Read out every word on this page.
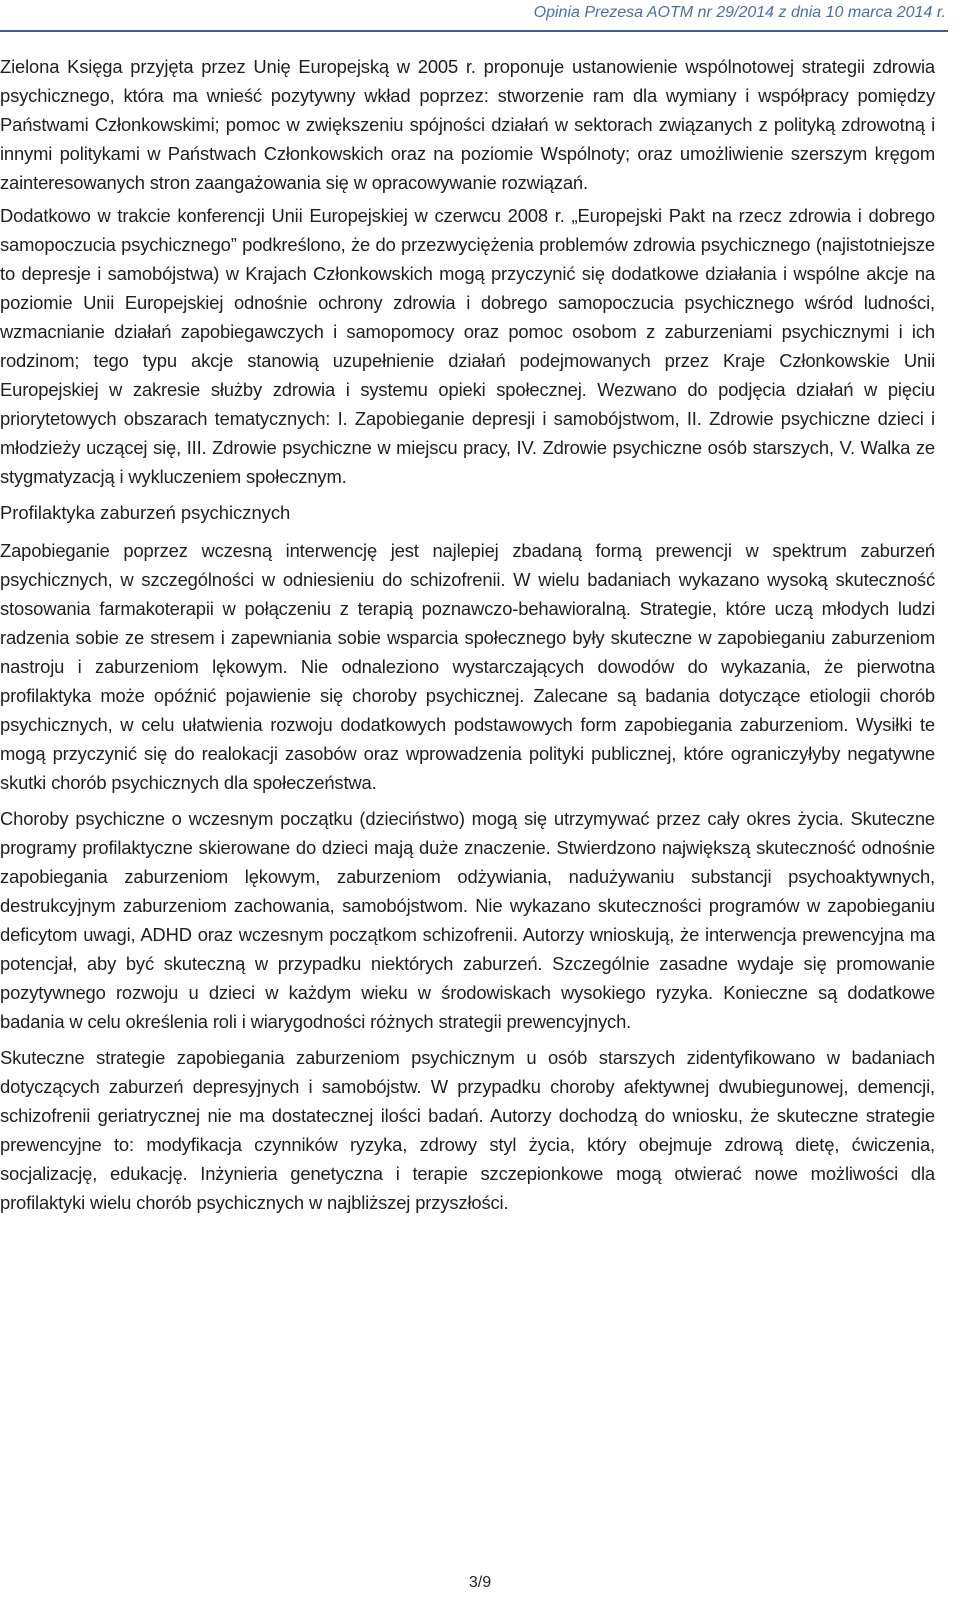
Opinia Prezesa AOTM nr 29/2014 z dnia 10 marca 2014 r.

Zielona Księga przyjęta przez Unię Europejską w 2005 r. proponuje ustanowienie wspólnotowej strategii zdrowia psychicznego, która ma wnieść pozytywny wkład poprzez: stworzenie ram dla wymiany i współpracy pomiędzy Państwami Członkowskimi; pomoc w zwiększeniu spójności działań w sektorach związanych z polityką zdrowotną i innymi politykami w Państwach Członkowskich oraz na poziomie Wspólnoty; oraz umożliwienie szerszym kręgom zainteresowanych stron zaangażowania się w opracowywanie rozwiązań.

Dodatkowo w trakcie konferencji Unii Europejskiej w czerwcu 2008 r. „Europejski Pakt na rzecz zdrowia i dobrego samopoczucia psychicznego” podkreślono, że do przezwyciężenia problemów zdrowia psychicznego (najistotniejsze to depresje i samobójstwa) w Krajach Członkowskich mogą przyczynić się dodatkowe działania i wspólne akcje na poziomie Unii Europejskiej odnośnie ochrony zdrowia i dobrego samopoczucia psychicznego wśród ludności, wzmacnianie działań zapobiegawczych i samopomocy oraz pomoc osobom z zaburzeniami psychicznymi i ich rodzinom; tego typu akcje stanowią uzupełnienie działań podejmowanych przez Kraje Członkowskie Unii Europejskiej w zakresie służby zdrowia i systemu opieki społecznej. Wezwano do podjęcia działań w pięciu priorytetowych obszarach tematycznych: I. Zapobieganie depresji i samobójstwom, II. Zdrowie psychiczne dzieci i młodzieży uczącej się, III. Zdrowie psychiczne w miejscu pracy, IV. Zdrowie psychiczne osób starszych, V. Walka ze stygmatyzacją i wykluczeniem społecznym.

Profilaktyka zaburzeń psychicznych

Zapobieganie poprzez wczesną interwencję jest najlepiej zbadaną formą prewencji w spektrum zaburzeń psychicznych, w szczególności w odniesieniu do schizofrenii. W wielu badaniach wykazano wysoką skuteczność stosowania farmakoterapii w połączeniu z terapią poznawczo-behawioralną. Strategie, które uczą młodych ludzi radzenia sobie ze stresem i zapewniania sobie wsparcia społecznego były skuteczne w zapobieganiu zaburzeniom nastroju i zaburzeniom lękowym. Nie odnaleziono wystarczających dowodów do wykazania, że pierwotna profilaktyka może opóźnić pojawienie się choroby psychicznej. Zalecane są badania dotyczące etiologii chorób psychicznych, w celu ułatwienia rozwoju dodatkowych podstawowych form zapobiegania zaburzeniom. Wysiłki te mogą przyczynić się do realokacji zasobów oraz wprowadzenia polityki publicznej, które ograniczyłyby negatywne skutki chorób psychicznych dla społeczeństwa.

Choroby psychiczne o wczesnym początku (dzieciństwo) mogą się utrzymywać przez cały okres życia. Skuteczne programy profilaktyczne skierowane do dzieci mają duże znaczenie. Stwierdzono największą skuteczność odnośnie zapobiegania zaburzeniom lękowym, zaburzeniom odżywiania, nadużywaniu substancji psychoaktywnych, destrukcyjnym zaburzeniom zachowania, samobójstwom. Nie wykazano skuteczności programów w zapobieganiu deficytom uwagi, ADHD oraz wczesnym początkom schizofrenii. Autorzy wnioskują, że interwencja prewencyjna ma potencjał, aby być skuteczną w przypadku niektórych zaburzeń. Szczególnie zasadne wydaje się promowanie pozytywnego rozwoju u dzieci w każdym wieku w środowiskach wysokiego ryzyka. Konieczne są dodatkowe badania w celu określenia roli i wiarygodności różnych strategii prewencyjnych.

Skuteczne strategie zapobiegania zaburzeniom psychicznym u osób starszych zidentyfikowano w badaniach dotyczących zaburzeń depresyjnych i samobójstw. W przypadku choroby afektywnej dwubiegunowej, demencji, schizofrenii geriatrycznej nie ma dostatecznej ilości badań. Autorzy dochodzą do wniosku, że skuteczne strategie prewencyjne to: modyfikacja czynników ryzyka, zdrowy styl życia, który obejmuje zdrową dietę, ćwiczenia, socjalizację, edukację. Inżynieria genetyczna i terapie szczepionkowe mogą otwierać nowe możliwości dla profilaktyki wielu chorób psychicznych w najbliższej przyszłości.

3/9
